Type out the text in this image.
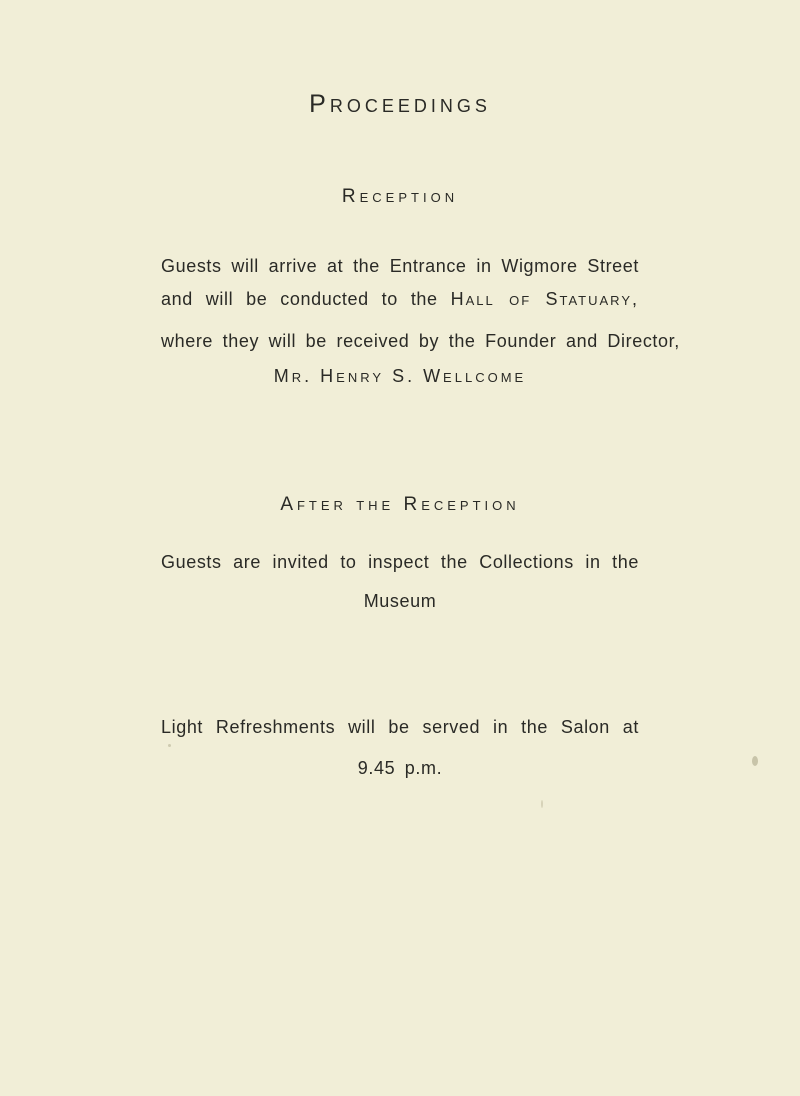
Proceedings
Reception
Guests will arrive at the Entrance in Wigmore Street
and will be conducted to the Hall of Statuary,
where they will be received by the Founder and Director,
Mr. Henry S. Wellcome
After the Reception
Guests are invited to inspect the Collections in the
Museum
Light Refreshments will be served in the Salon at
9.45 p.m.
